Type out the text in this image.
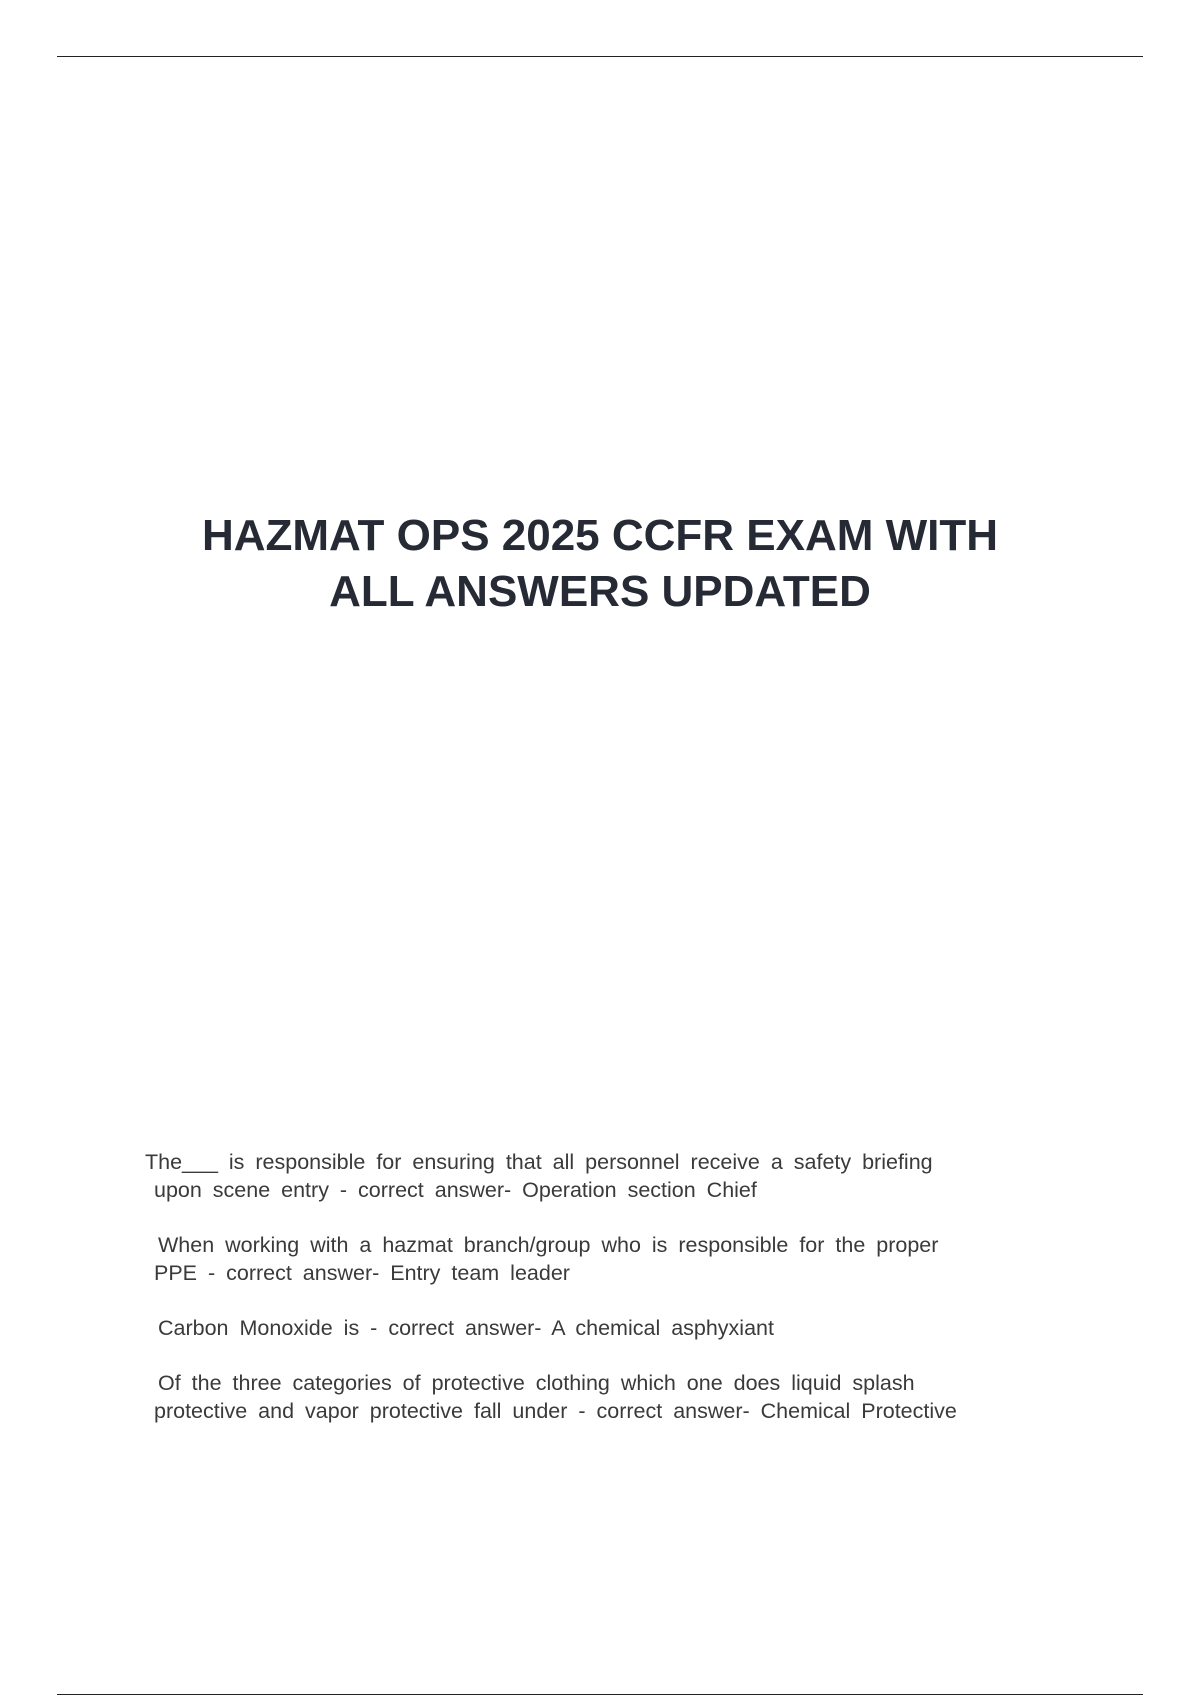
HAZMAT OPS 2025 CCFR EXAM WITH
ALL ANSWERS UPDATED
The___ is responsible for ensuring that all personnel receive a safety briefing
upon scene entry - correct answer- Operation section Chief
When working with a hazmat branch/group who is responsible for the proper
PPE - correct answer- Entry team leader
Carbon Monoxide is - correct answer- A chemical asphyxiant
Of the three categories of protective clothing which one does liquid splash
protective and vapor protective fall under - correct answer- Chemical Protective
